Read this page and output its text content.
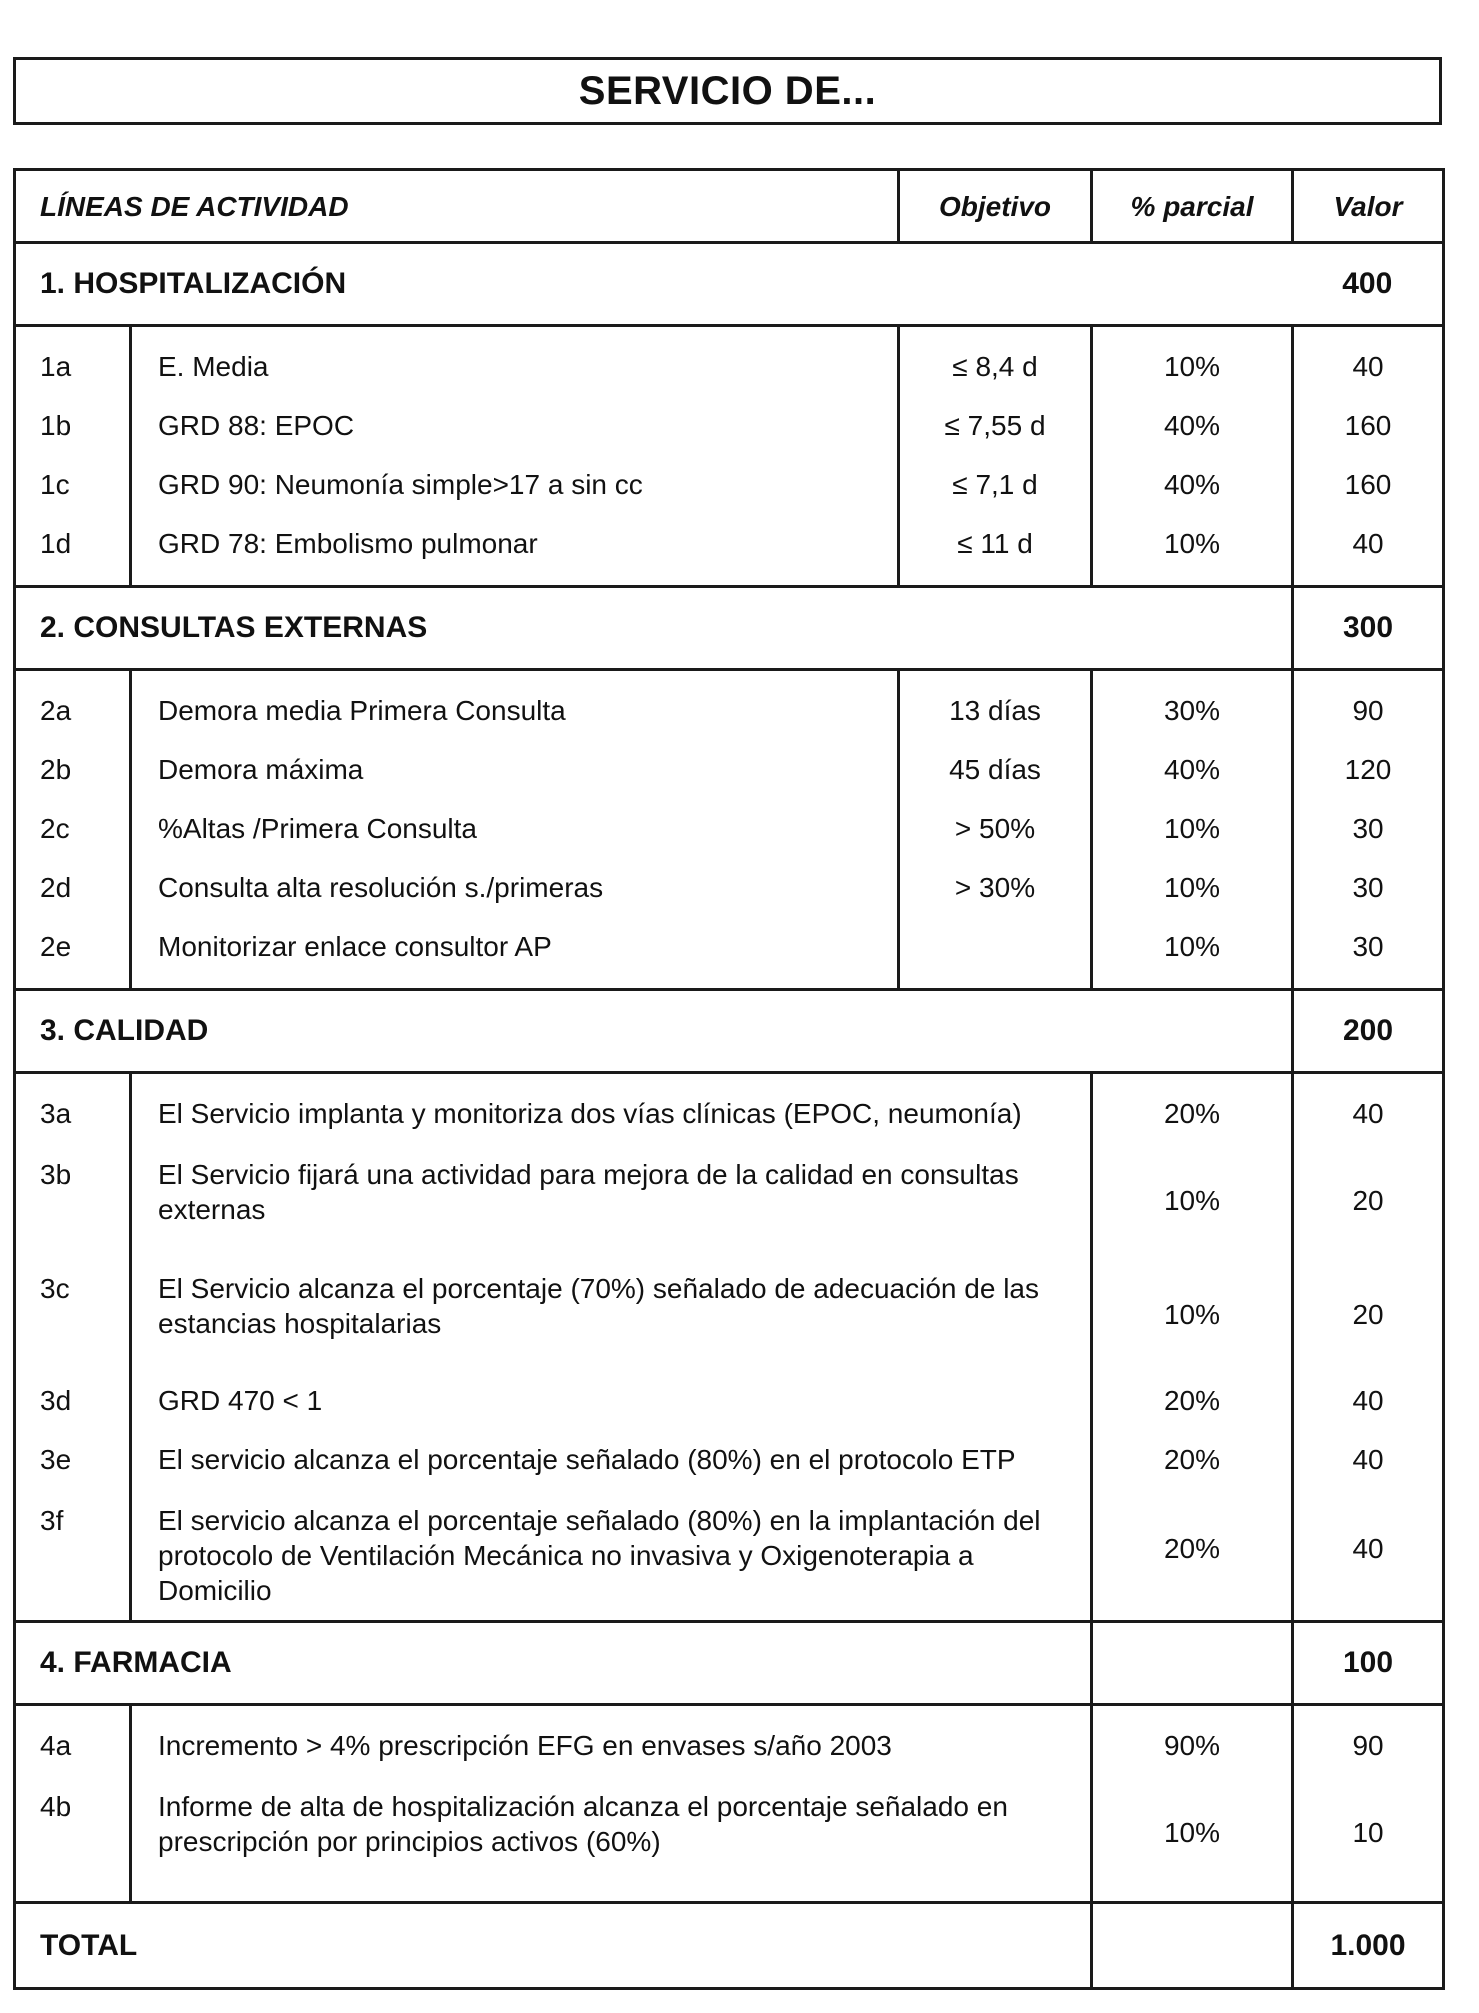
SERVICIO DE...
LÍNEAS DE ACTIVIDAD		Objetivo	% parcial	Valor
1. HOSPITALIZACIÓN				400
1a	E. Media	≤ 8,4 d	10%	40
1b	GRD 88: EPOC	≤ 7,55 d	40%	160
1c	GRD 90: Neumonía simple>17 a sin cc	≤ 7,1 d	40%	160
1d	GRD 78: Embolismo pulmonar	≤ 11 d	10%	40
2. CONSULTAS EXTERNAS				300
2a	Demora media Primera Consulta	13 días	30%	90
2b	Demora máxima	45 días	40%	120
2c	%Altas /Primera Consulta	> 50%	10%	30
2d	Consulta alta resolución s./primeras	> 30%	10%	30
2e	Monitorizar enlace consultor AP		10%	30
3. CALIDAD				200
3a	El Servicio implanta y monitoriza dos vías clínicas (EPOC, neumonía)		20%	40
3b	El Servicio fijará una actividad para mejora de la calidad en consultas externas		10%	20
3c	El Servicio alcanza el porcentaje (70%) señalado de adecuación de las estancias hospitalarias		10%	20
3d	GRD 470 < 1		20%	40
3e	El servicio alcanza el porcentaje señalado (80%) en el protocolo ETP		20%	40
3f	El servicio alcanza el porcentaje señalado (80%) en la implantación del protocolo de Ventilación Mecánica no invasiva y Oxigenoterapia a Domicilio		20%	40
4. FARMACIA				100
4a	Incremento > 4% prescripción EFG en envases s/año 2003		90%	90
4b	Informe de alta de hospitalización alcanza el porcentaje señalado en prescripción por principios activos (60%)		10%	10
TOTAL				1.000
